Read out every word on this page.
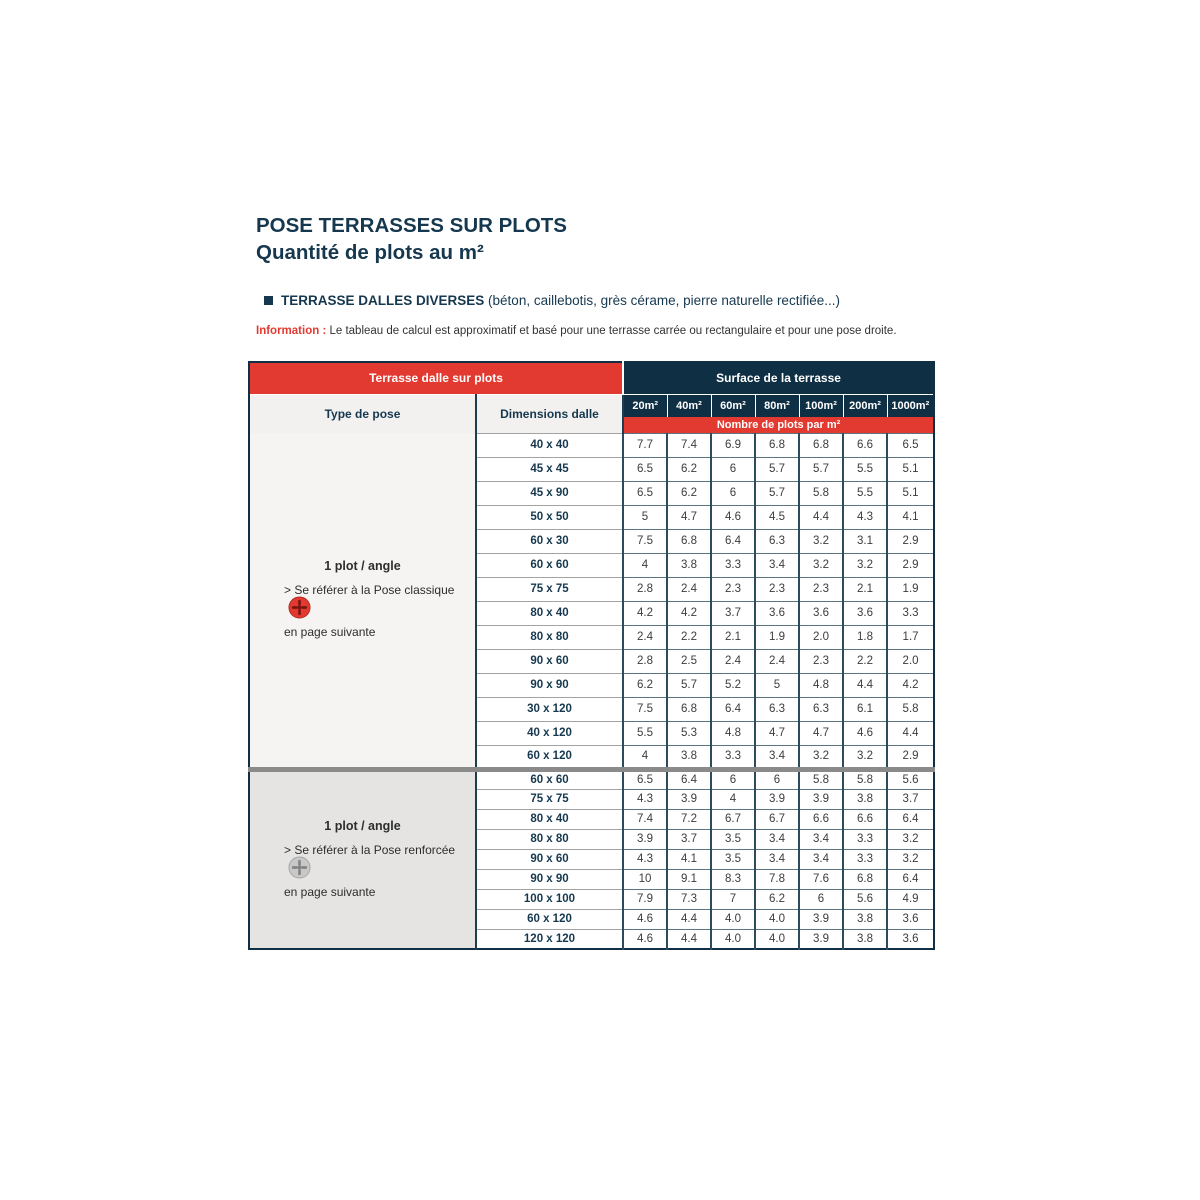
POSE TERRASSES SUR PLOTS
Quantité de plots au m²
TERRASSE DALLES DIVERSES (béton, caillebotis, grès cérame, pierre naturelle rectifiée...)
Information : Le tableau de calcul est approximatif et basé pour une terrasse carrée ou rectangulaire et pour une pose droite.
Terrasse dalle sur plots		Surface de la terrasse						
Type de pose	Dimensions dalle	20m²	40m²	60m²	80m²	100m²	200m²	1000m²
		Nombre de plots par m²						

1 plot / angle
> Se référer à la Pose classique
en page suivante	40 x 40	7.7	7.4	6.9	6.8	6.8	6.6	6.5
	45 x 45	6.5	6.2	6	5.7	5.7	5.5	5.1
	45 x 90	6.5	6.2	6	5.7	5.8	5.5	5.1
	50 x 50	5	4.7	4.6	4.5	4.4	4.3	4.1
	60 x 30	7.5	6.8	6.4	6.3	3.2	3.1	2.9
	60 x 60	4	3.8	3.3	3.4	3.2	3.2	2.9
	75 x 75	2.8	2.4	2.3	2.3	2.3	2.1	1.9
	80 x 40	4.2	4.2	3.7	3.6	3.6	3.6	3.3
	80 x 80	2.4	2.2	2.1	1.9	2.0	1.8	1.7
	90 x 60	2.8	2.5	2.4	2.4	2.3	2.2	2.0
	90 x 90	6.2	5.7	5.2	5	4.8	4.4	4.2
	30 x 120	7.5	6.8	6.4	6.3	6.3	6.1	5.8
	40 x 120	5.5	5.3	4.8	4.7	4.7	4.6	4.4
	60 x 120	4	3.8	3.3	3.4	3.2	3.2	2.9

1 plot / angle
> Se référer à la Pose renforcée
en page suivante	60 x 60	6.5	6.4	6	6	5.8	5.8	5.6
	75 x 75	4.3	3.9	4	3.9	3.9	3.8	3.7
	80 x 40	7.4	7.2	6.7	6.7	6.6	6.6	6.4
	80 x 80	3.9	3.7	3.5	3.4	3.4	3.3	3.2
	90 x 60	4.3	4.1	3.5	3.4	3.4	3.3	3.2
	90 x 90	10	9.1	8.3	7.8	7.6	6.8	6.4
	100 x 100	7.9	7.3	7	6.2	6	5.6	4.9
	60 x 120	4.6	4.4	4.0	4.0	3.9	3.8	3.6
	120 x 120	4.6	4.4	4.0	4.0	3.9	3.8	3.6
